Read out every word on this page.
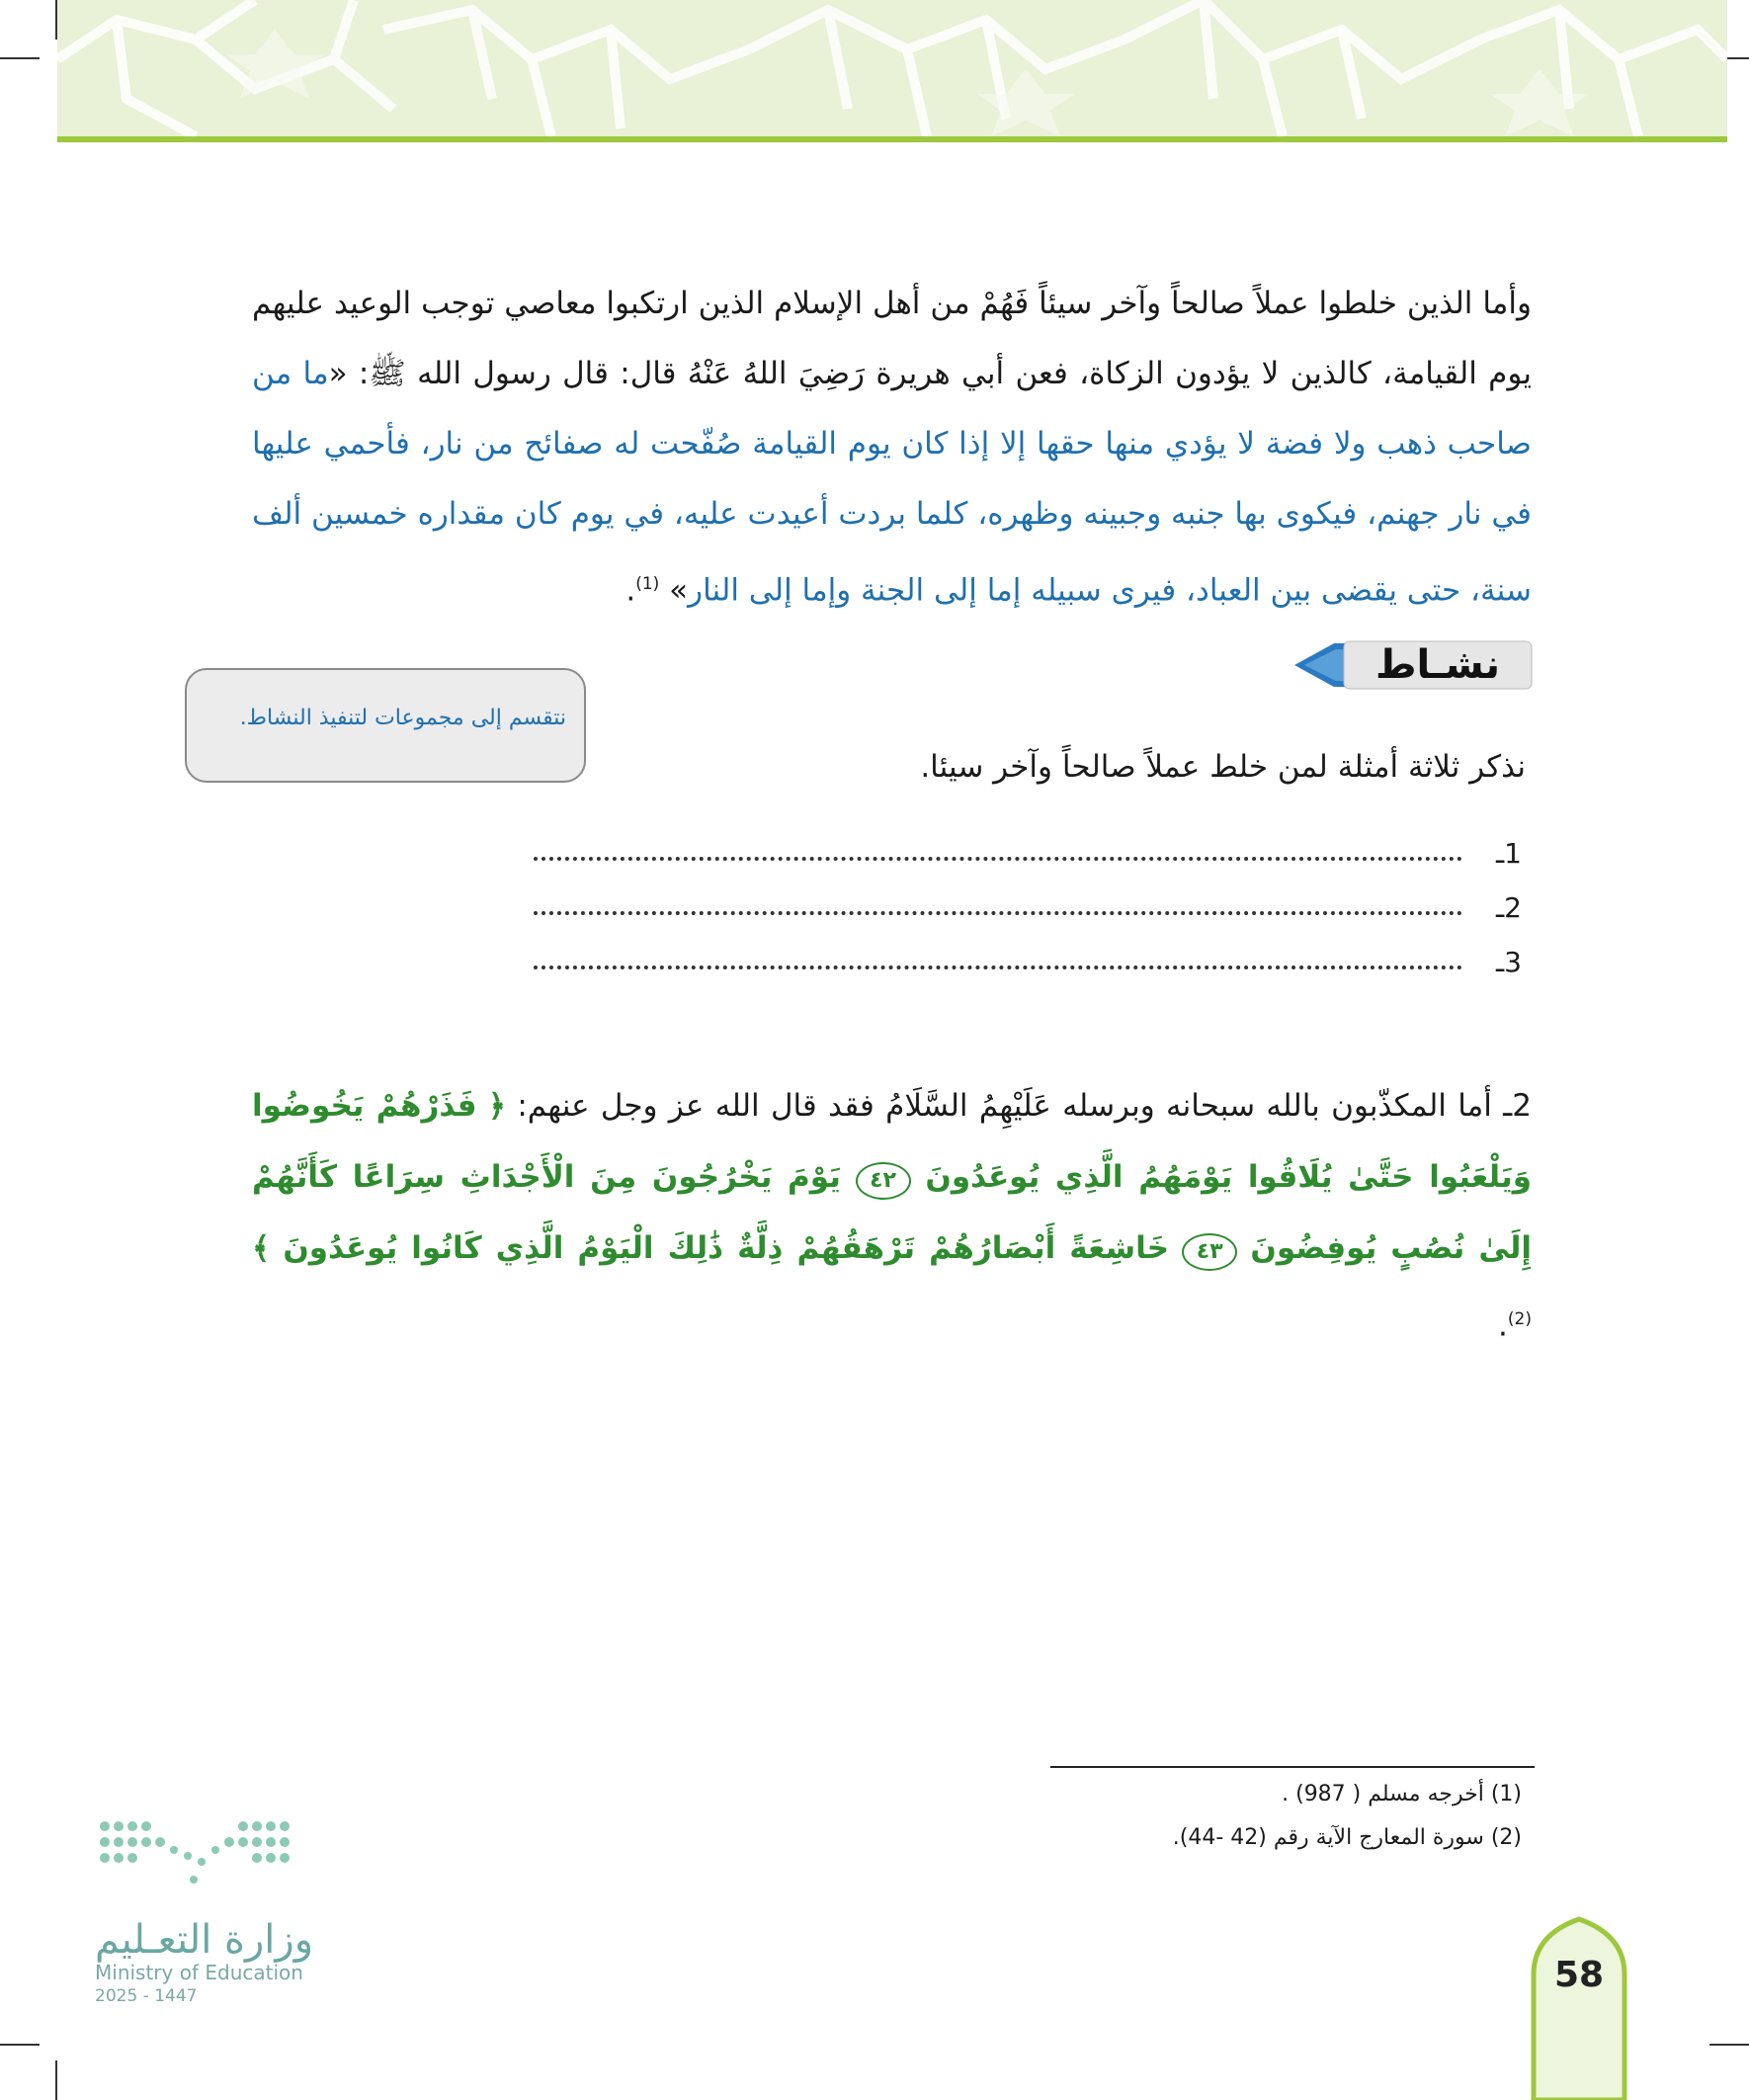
وأما الذين خلطوا عملاً صالحاً وآخر سيئاً فَهُمْ من أهل الإسلام الذين ارتكبوا معاصي توجب الوعيد عليهم يوم القيامة، كالذين لا يؤدون الزكاة، فعن أبي هريرة رَضِيَ اللهُ عَنْهُ قال: قال رسول الله ﷺ: «ما من صاحب ذهب ولا فضة لا يؤدي منها حقها إلا إذا كان يوم القيامة صُفّحت له صفائح من نار، فأحمي عليها في نار جهنم، فيكوى بها جنبه وجبينه وظهره، كلما بردت أعيدت عليه، في يوم كان مقداره خمسين ألف سنة، حتى يقضى بين العباد، فيرى سبيله إما إلى الجنة وإما إلى النار» $^{(1)}$.
نشـاط
نتقسم إلى مجموعات لتنفيذ النشاط.
نذكر ثلاثة أمثلة لمن خلط عملاً صالحاً وآخر سيئا.
1ـ
2ـ
3ـ
2ـ أما المكذّبون بالله سبحانه وبرسله عَلَيْهِمُ السَّلَامُ فقد قال الله عز وجل عنهم: ﴿ فَذَرْهُمْ يَخُوضُوا وَيَلْعَبُوا حَتَّىٰ يُلَاقُوا يَوْمَهُمُ الَّذِي يُوعَدُونَ ٤٢ يَوْمَ يَخْرُجُونَ مِنَ الْأَجْدَاثِ سِرَاعًا كَأَنَّهُمْ إِلَىٰ نُصُبٍ يُوفِضُونَ ٤٣ خَاشِعَةً أَبْصَارُهُمْ تَرْهَقُهُمْ ذِلَّةٌ ذَٰلِكَ الْيَوْمُ الَّذِي كَانُوا يُوعَدُونَ ﴾ $^{(2)}$.
(1) أخرجه مسلم ( 987) .
(2) سورة المعارج الآية رقم (42 -44).
وزارة التعـليم
Ministry of Education
2025 - 1447
58
